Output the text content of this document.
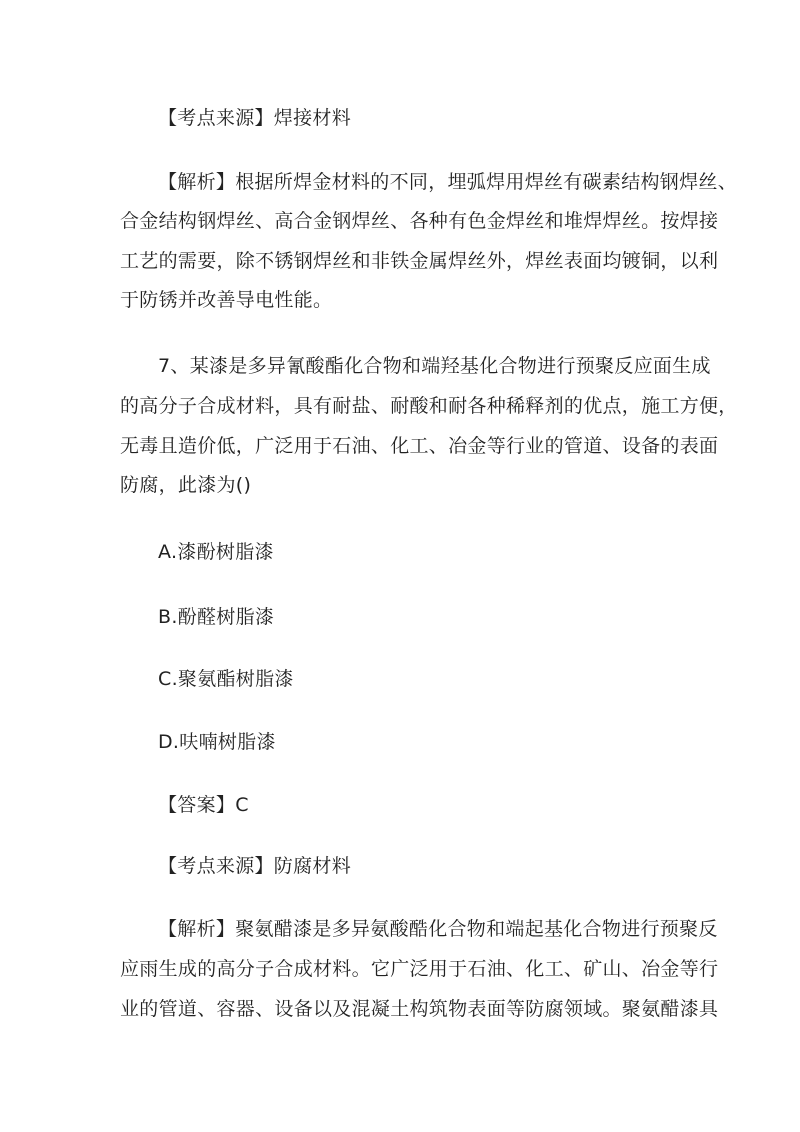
【考点来源】焊接材料
【解析】根据所焊金材料的不同，埋弧焊用焊丝有碳素结构钢焊丝、
合金结构钢焊丝、高合金钢焊丝、各种有色金焊丝和堆焊焊丝。按焊接
工艺的需要，除不锈钢焊丝和非铁金属焊丝外，焊丝表面均镀铜，以利
于防锈并改善导电性能。
7、某漆是多异氰酸酯化合物和端羟基化合物进行预聚反应面生成
的高分子合成材料，具有耐盐、耐酸和耐各种稀释剂的优点，施工方便，
无毒且造价低，广泛用于石油、化工、冶金等行业的管道、设备的表面
防腐，此漆为()
A.漆酚树脂漆
B.酚醛树脂漆
C.聚氨酯树脂漆
D.呋喃树脂漆
【答案】C
【考点来源】防腐材料
【解析】聚氨醋漆是多异氨酸酷化合物和端起基化合物进行预聚反
应雨生成的高分子合成材料。它广泛用于石油、化工、矿山、冶金等行
业的管道、容器、设备以及混凝土构筑物表面等防腐领域。聚氨醋漆具
